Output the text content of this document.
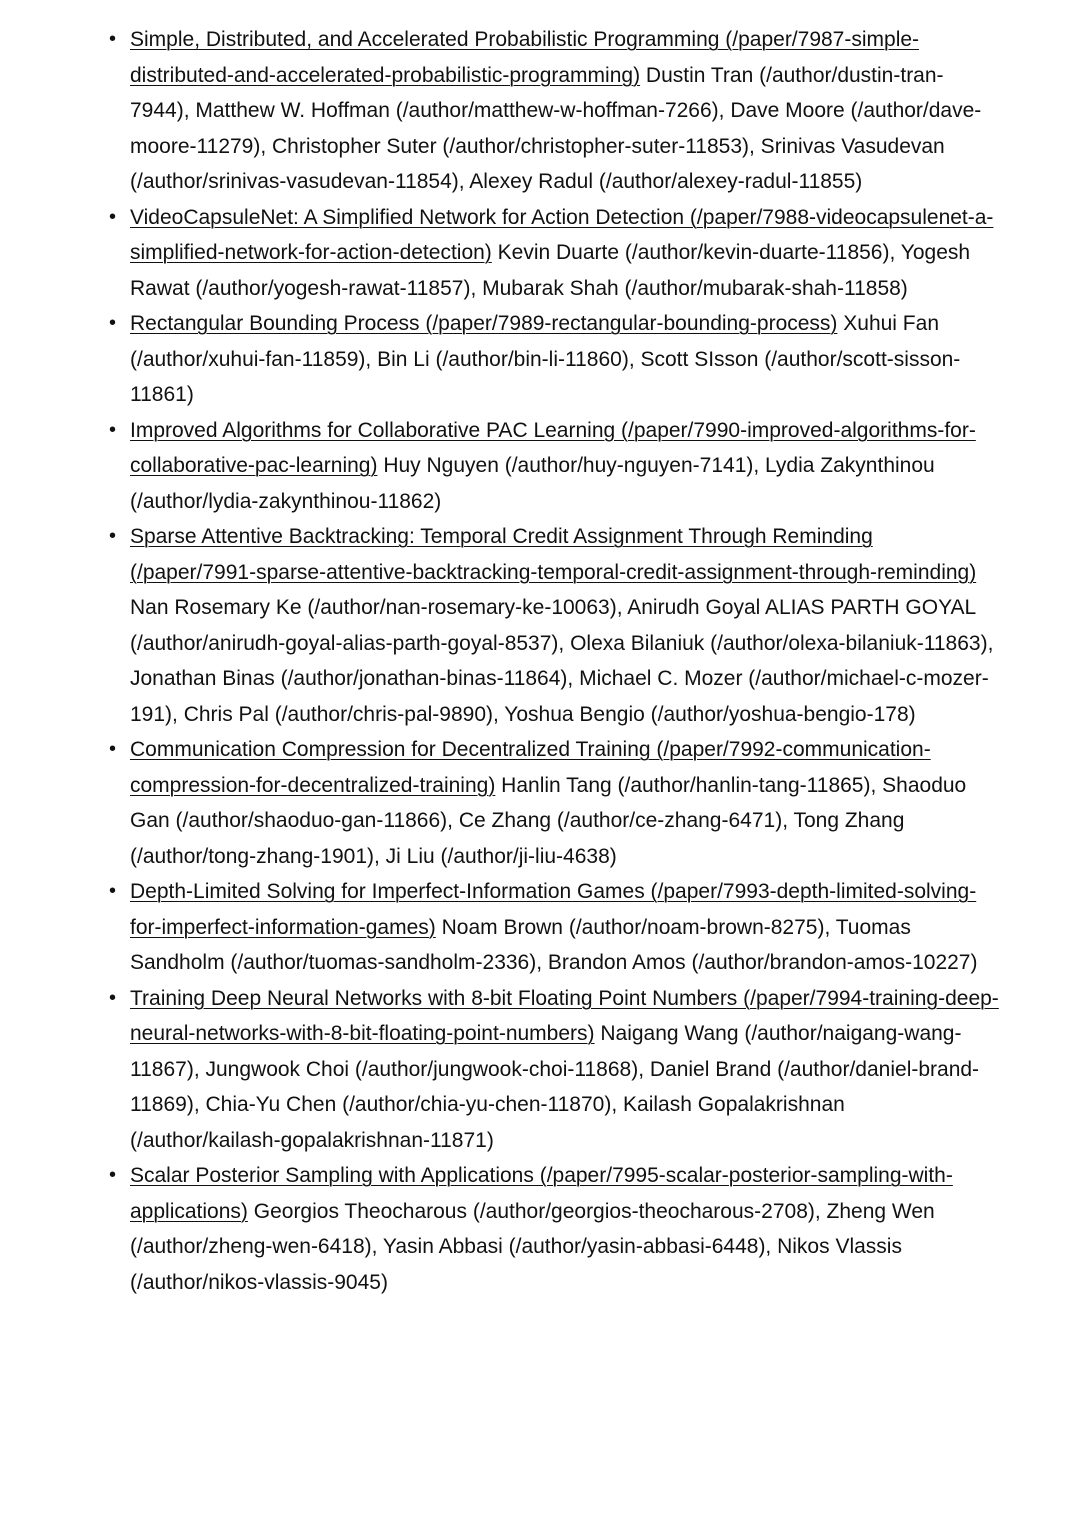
• Simple, Distributed, and Accelerated Probabilistic Programming (/paper/7987-simple-distributed-and-accelerated-probabilistic-programming) Dustin Tran (/author/dustin-tran-7944), Matthew W. Hoffman (/author/matthew-w-hoffman-7266), Dave Moore (/author/dave-moore-11279), Christopher Suter (/author/christopher-suter-11853), Srinivas Vasudevan (/author/srinivas-vasudevan-11854), Alexey Radul (/author/alexey-radul-11855)
• VideoCapsuleNet: A Simplified Network for Action Detection (/paper/7988-videocapsulenet-a-simplified-network-for-action-detection) Kevin Duarte (/author/kevin-duarte-11856), Yogesh Rawat (/author/yogesh-rawat-11857), Mubarak Shah (/author/mubarak-shah-11858)
• Rectangular Bounding Process (/paper/7989-rectangular-bounding-process) Xuhui Fan (/author/xuhui-fan-11859), Bin Li (/author/bin-li-11860), Scott SIsson (/author/scott-sisson-11861)
• Improved Algorithms for Collaborative PAC Learning (/paper/7990-improved-algorithms-for-collaborative-pac-learning) Huy Nguyen (/author/huy-nguyen-7141), Lydia Zakynthinou (/author/lydia-zakynthinou-11862)
• Sparse Attentive Backtracking: Temporal Credit Assignment Through Reminding (/paper/7991-sparse-attentive-backtracking-temporal-credit-assignment-through-reminding) Nan Rosemary Ke (/author/nan-rosemary-ke-10063), Anirudh Goyal ALIAS PARTH GOYAL (/author/anirudh-goyal-alias-parth-goyal-8537), Olexa Bilaniuk (/author/olexa-bilaniuk-11863), Jonathan Binas (/author/jonathan-binas-11864), Michael C. Mozer (/author/michael-c-mozer-191), Chris Pal (/author/chris-pal-9890), Yoshua Bengio (/author/yoshua-bengio-178)
• Communication Compression for Decentralized Training (/paper/7992-communication-compression-for-decentralized-training) Hanlin Tang (/author/hanlin-tang-11865), Shaoduo Gan (/author/shaoduo-gan-11866), Ce Zhang (/author/ce-zhang-6471), Tong Zhang (/author/tong-zhang-1901), Ji Liu (/author/ji-liu-4638)
• Depth-Limited Solving for Imperfect-Information Games (/paper/7993-depth-limited-solving-for-imperfect-information-games) Noam Brown (/author/noam-brown-8275), Tuomas Sandholm (/author/tuomas-sandholm-2336), Brandon Amos (/author/brandon-amos-10227)
• Training Deep Neural Networks with 8-bit Floating Point Numbers (/paper/7994-training-deep-neural-networks-with-8-bit-floating-point-numbers) Naigang Wang (/author/naigang-wang-11867), Jungwook Choi (/author/jungwook-choi-11868), Daniel Brand (/author/daniel-brand-11869), Chia-Yu Chen (/author/chia-yu-chen-11870), Kailash Gopalakrishnan (/author/kailash-gopalakrishnan-11871)
• Scalar Posterior Sampling with Applications (/paper/7995-scalar-posterior-sampling-with-applications) Georgios Theocharous (/author/georgios-theocharous-2708), Zheng Wen (/author/zheng-wen-6418), Yasin Abbasi (/author/yasin-abbasi-6448), Nikos Vlassis (/author/nikos-vlassis-9045)
